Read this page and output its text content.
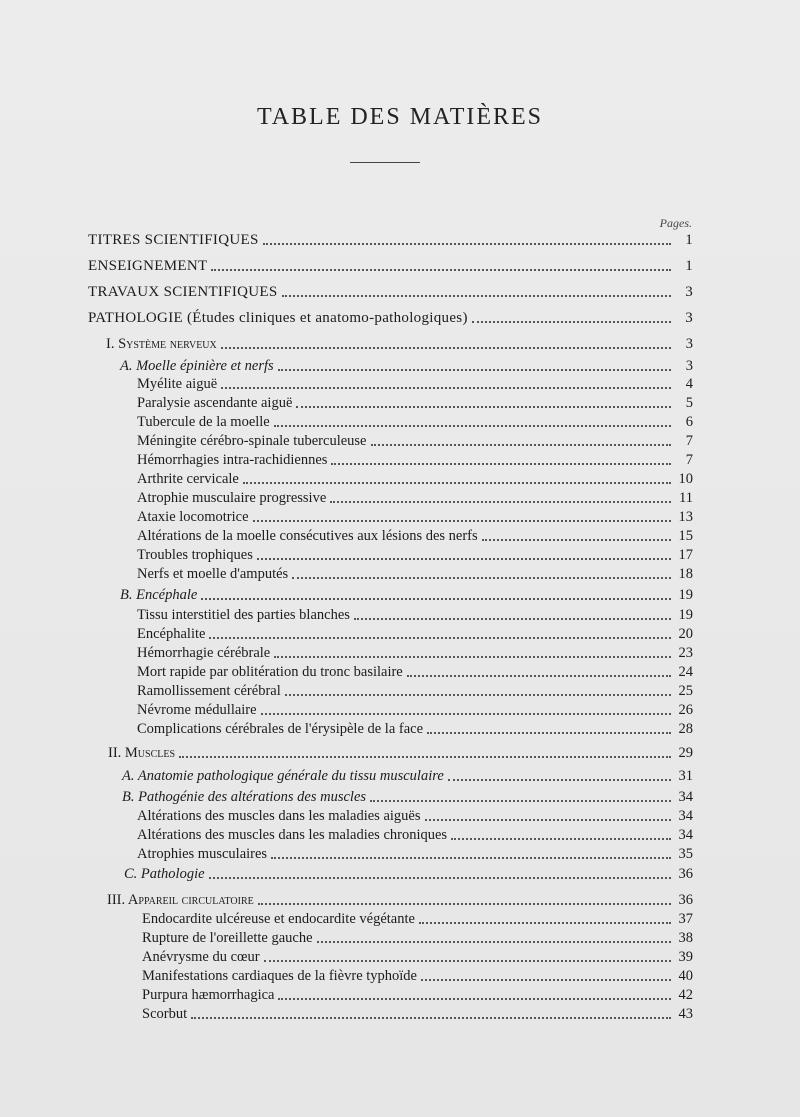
TABLE DES MATIÈRES
Pages.
TITRES SCIENTIFIQUES	1
ENSEIGNEMENT	1
TRAVAUX SCIENTIFIQUES	3
PATHOLOGIE (Études cliniques et anatomo-pathologiques)	3
I. Système nerveux	3
A. Moelle épinière et nerfs	3
Myélite aiguë	4
Paralysie ascendante aiguë	5
Tubercule de la moelle	6
Méningite cérébro-spinale tuberculeuse	7
Hémorrhagies intra-rachidiennes	7
Arthrite cervicale	10
Atrophie musculaire progressive	11
Ataxie locomotrice	13
Altérations de la moelle consécutives aux lésions des nerfs	15
Troubles trophiques	17
Nerfs et moelle d'amputés	18
B. Encéphale	19
Tissu interstitiel des parties blanches	19
Encéphalite	20
Hémorrhagie cérébrale	23
Mort rapide par oblitération du tronc basilaire	24
Ramollissement cérébral	25
Névrome médullaire	26
Complications cérébrales de l'érysipèle de la face	28
II. Muscles	29
A. Anatomie pathologique générale du tissu musculaire	31
B. Pathogénie des altérations des muscles	34
Altérations des muscles dans les maladies aiguës	34
Altérations des muscles dans les maladies chroniques	34
Atrophies musculaires	35
C. Pathologie	36
III. Appareil circulatoire	36
Endocardite ulcéreuse et endocardite végétante	37
Rupture de l'oreillette gauche	38
Anévrysme du cœur	39
Manifestations cardiaques de la fièvre typhoïde	40
Purpura hæmorrhagica	42
Scorbut	43
